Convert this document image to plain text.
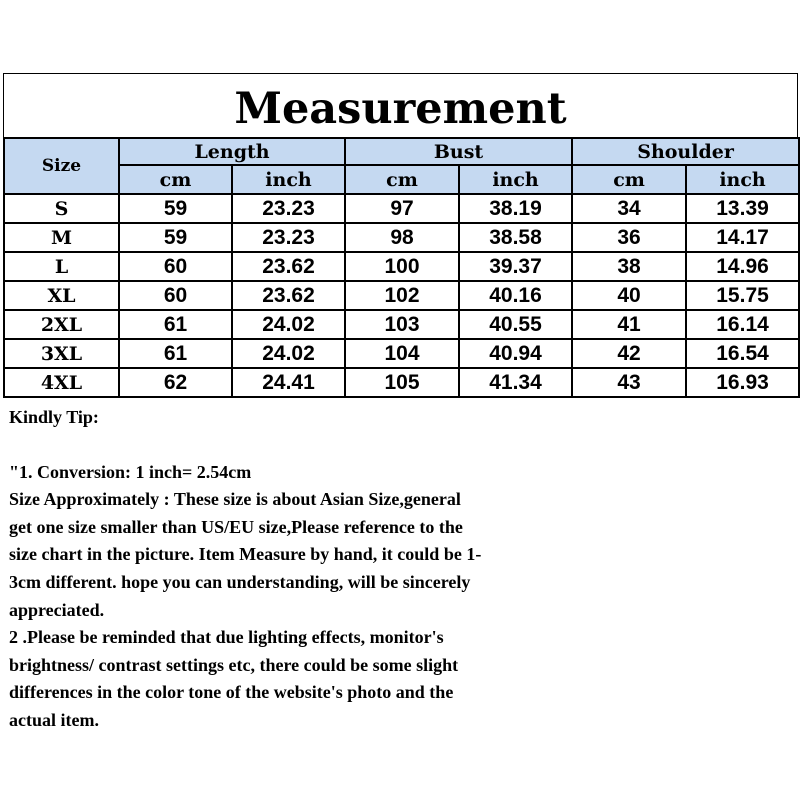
Measurement
Size	Length		Bust		Shoulder	
	cm	inch	cm	inch	cm	inch
S	59	23.23	97	38.19	34	13.39
M	59	23.23	98	38.58	36	14.17
L	60	23.62	100	39.37	38	14.96
XL	60	23.62	102	40.16	40	15.75
2XL	61	24.02	103	40.55	41	16.14
3XL	61	24.02	104	40.94	42	16.54
4XL	62	24.41	105	41.34	43	16.93
Kindly Tip:
"1. Conversion: 1 inch= 2.54cm
Size Approximately : These size is about Asian Size,general
get one size smaller than US/EU size,Please reference to the
size chart in the picture. Item Measure by hand, it could be 1-
3cm different. hope you can understanding, will be sincerely
appreciated.
2 .Please be reminded that due lighting effects, monitor's
brightness/ contrast settings etc, there could be some slight
differences in the color tone of the website's photo and the
actual item.
